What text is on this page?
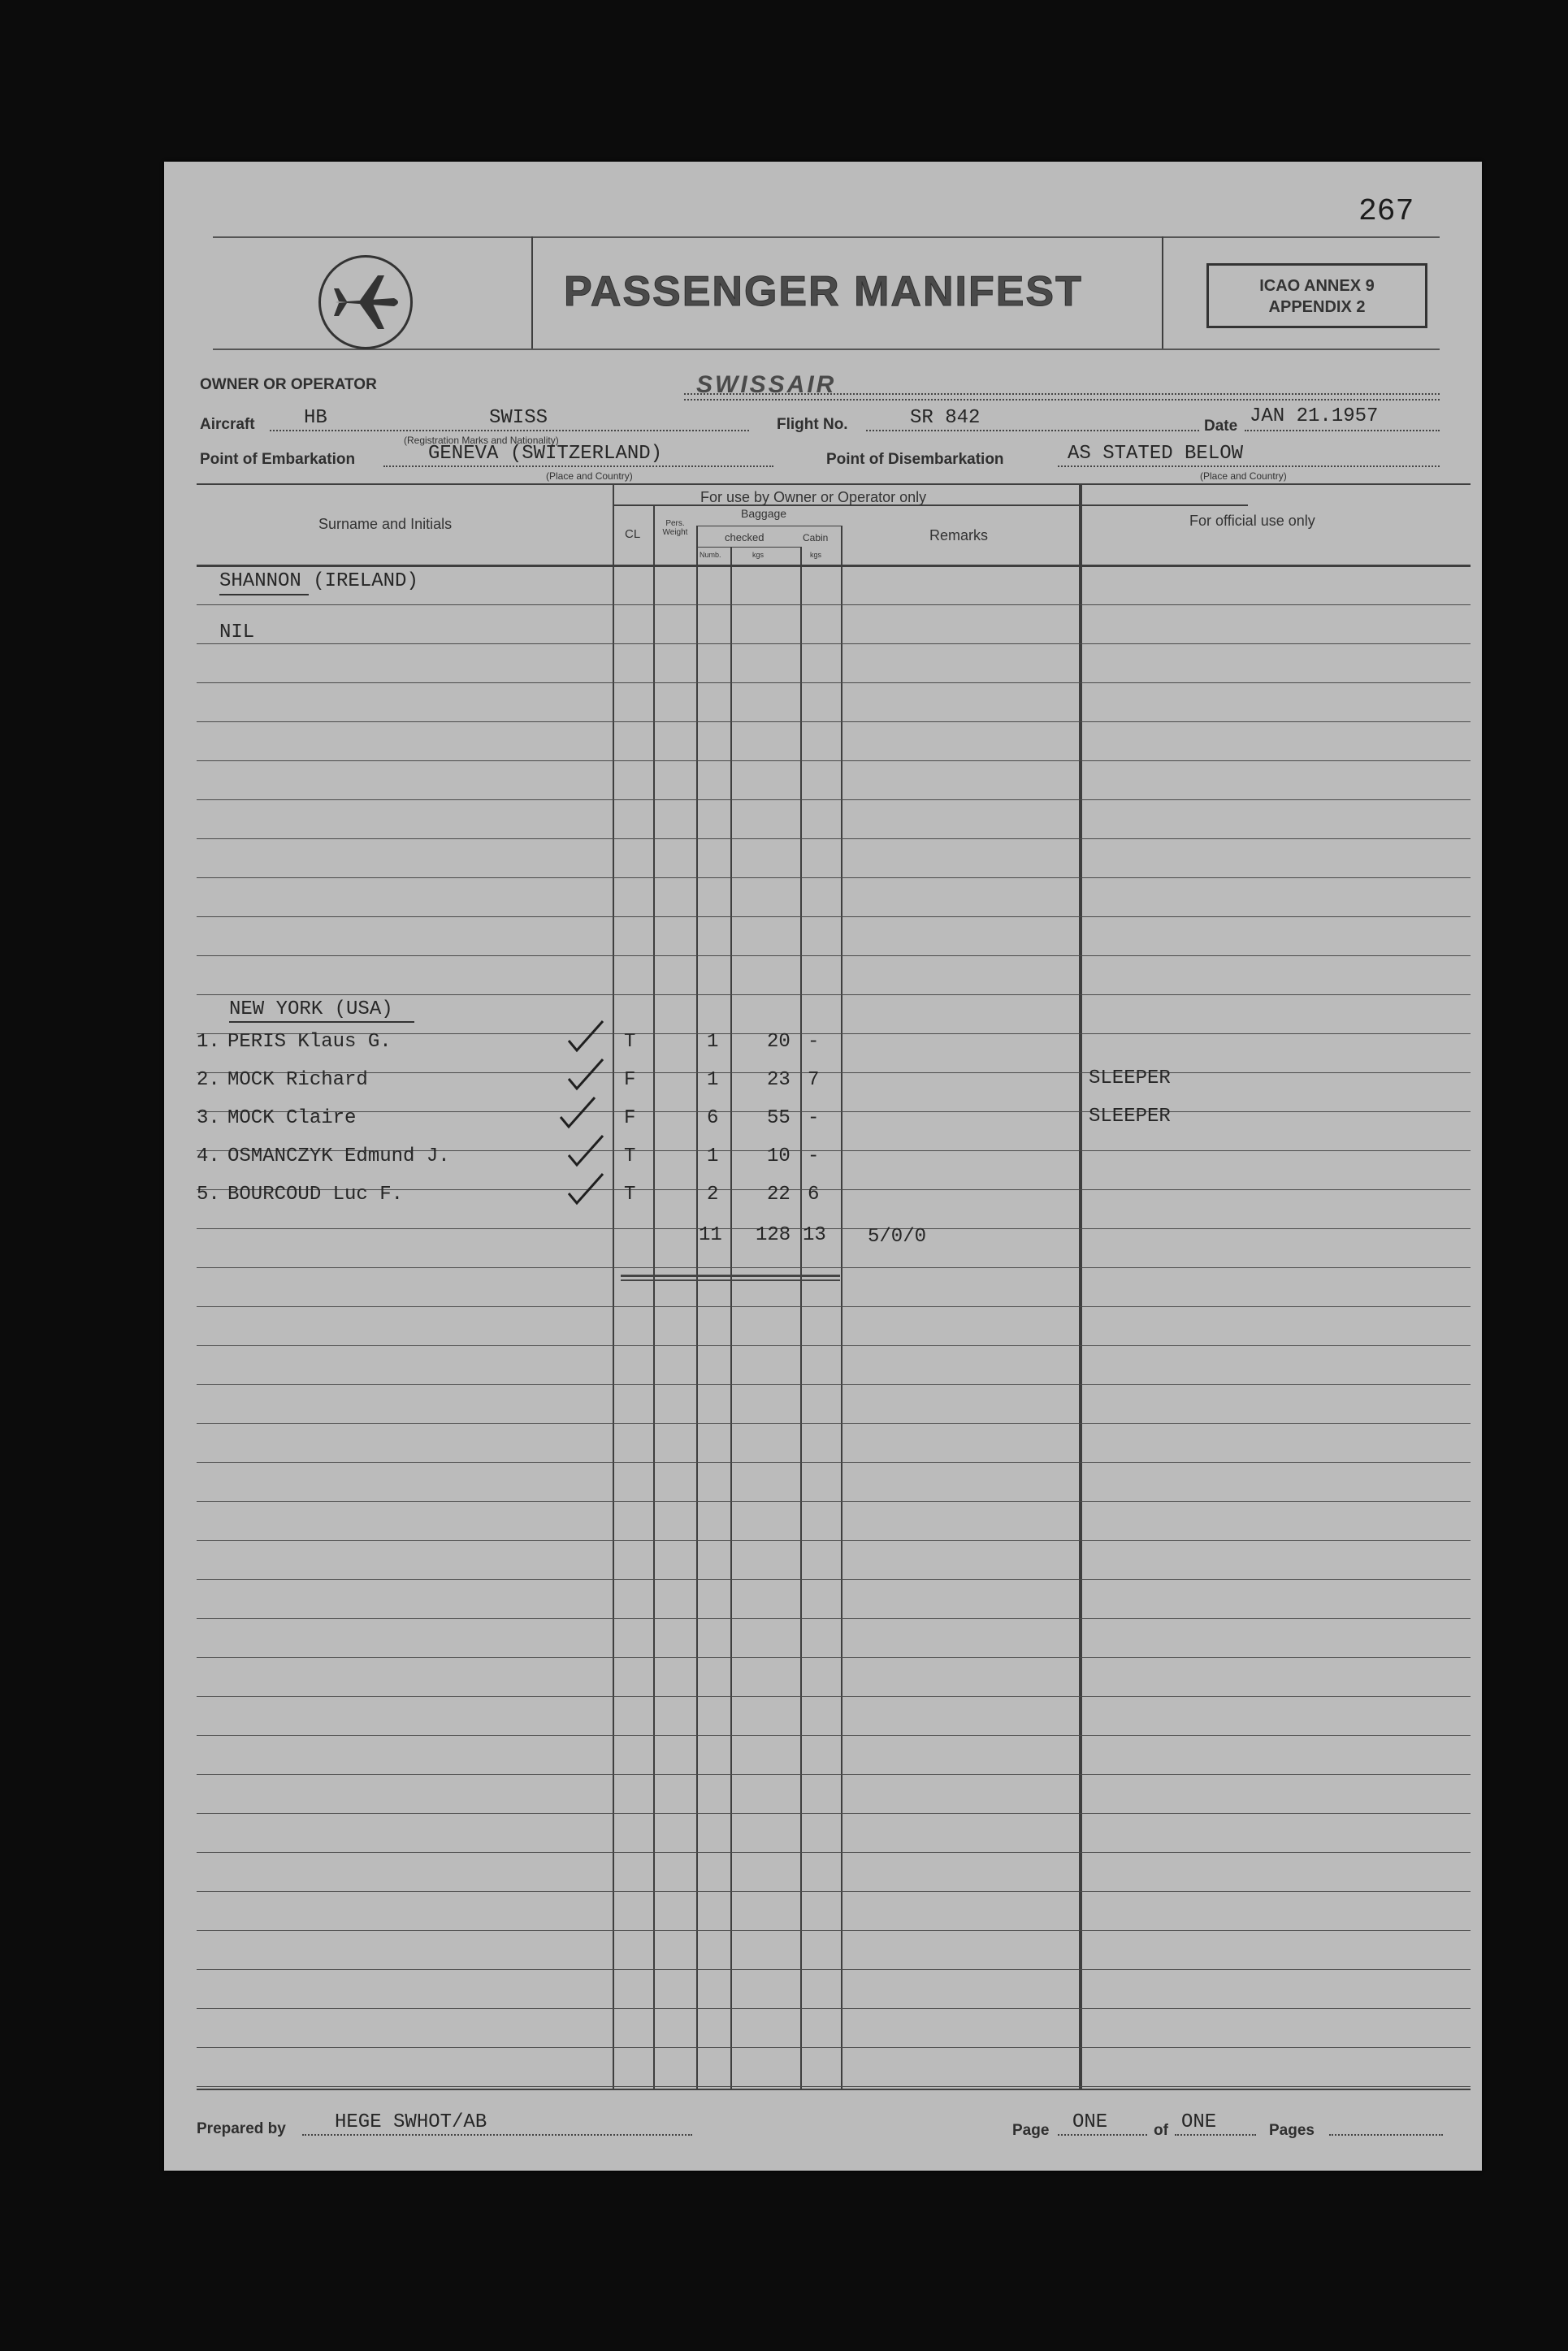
267
PASSENGER MANIFEST	ICAO ANNEX 9
APPENDIX 2
OWNER OR OPERATOR	SWISSAIR
Aircraft	HB	SWISS
(Registration Marks and Nationality)
Flight No.	SR 842	Date JAN 21.1957
Point of Embarkation	GENEVA (SWITZERLAND)
(Place and Country)
Point of Disembarkation	AS STATED BELOW
(Place and Country)
Surname and Initials
For use by Owner or Operator only
CL
Pers. Weight
Baggage
checked	Cabin
Numb.	kgs	kgs
Remarks
For official use only
SHANNON (IRELAND)
NIL
NEW YORK (USA)
1. PERIS Klaus G.	T	1 20 -
2. MOCK Richard	F	1 23 7	SLEEPER
3. MOCK Claire	F	6 55 -	SLEEPER
4. OSMANCZYK Edmund J.	T	1 10 -
5. BOURCOUD Luc F.	T	2 22 6
11 128 13 5/0/0
Prepared by	HEGE SWHOT/AB	Page ONE	of ONE	Pages
